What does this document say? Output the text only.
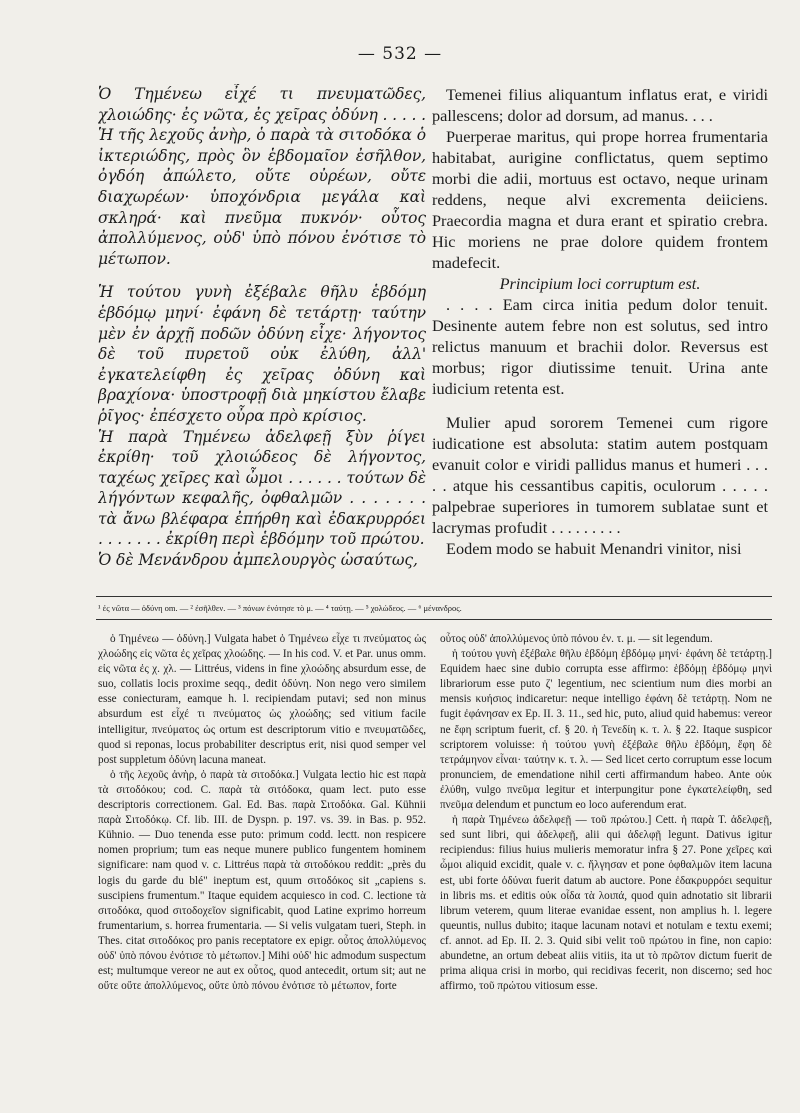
— 532 —

Ὁ Τημένεω εἶχέ τι πνευματῶδες, χλοιώδης· ἐς νῶτα, ἐς χεῖρας ὀδύνη . . . . . Ἡ τῆς λεχοῦς ἀνὴρ, ὁ παρὰ τὰ σιτοδόκα ὁ ἰκτεριώδης, πρὸς ὃν ἑβδομαῖον ἐσῆλθον, ὀγδόη ἀπώλετο, οὔτε οὐρέων, οὔτε διαχωρέων· ὑποχόνδρια μεγάλα καὶ σκληρά· καὶ πνεῦμα πυκνόν· οὗτος ἀπολλύμενος, οὐδ' ὑπὸ πόνου ἐνότισε τὸ μέτωπον.

Ἡ τούτου γυνὴ ἐξέβαλε θῆλυ ἑβδόμη ἑβδόμῳ μηνί· ἐφάνη δὲ τετάρτῃ· ταύτην μὲν ἐν ἀρχῇ ποδῶν ὀδύνη εἶχε· λήγοντος δὲ τοῦ πυρετοῦ οὐκ ἐλύθη, ἀλλ' ἐγκατελείφθη ἐς χεῖρας ὀδύνη καὶ βραχίονα· ὑποστροφῇ διὰ μηκίστου ἔλαβε ῥῖγος· ἐπέσχετο οὖρα πρὸ κρίσιος.

Ἡ παρὰ Τημένεω ἀδελφεῇ ξὺν ῥίγει ἐκρίθη· τοῦ χλοιώδεος δὲ λήγοντος, ταχέως χεῖρες καὶ ὦμοι . . . . . . τούτων δὲ λήγόντων κεφαλῆς, ὀφθαλμῶν . . . . . . . τὰ ἄνω βλέφαρα ἐπήρθη καὶ ἐδακρυρρόει . . . . . . . ἐκρίθη περὶ ἑβδόμην τοῦ πρώτου.

Ὁ δὲ Μενάνδρου ἀμπελουργὸς ὡσαύτως,

Temenei filius aliquantum inflatus erat, e viridi pallescens; dolor ad dorsum, ad manus. . . .

Puerperae maritus, qui prope horrea frumentaria habitabat, aurigine conflictatus, quem septimo morbi die adii, mortuus est octavo, neque urinam reddens, neque alvi excrementa deiiciens. Praecordia magna et dura erant et spiratio crebra. Hic moriens ne prae dolore quidem frontem madefecit.

Principium loci corruptum est.

. . . . Eam circa initia pedum dolor tenuit. Desinente autem febre non est solutus, sed intro relictus manuum et brachii dolor. Reversus est morbus; rigor diutissime tenuit. Urina ante iudicium retenta est.

Mulier apud sororem Temenei cum rigore iudicatione est absoluta: statim autem postquam evanuit color e viridi pallidus manus et humeri . . . . . atque his cessantibus capitis, oculorum . . . . . palpebrae superiores in tumorem sublatae sunt et lacrymas profudit . . . . . . . . .

Eodem modo se habuit Menandri vinitor, nisi

¹ ἐς νῶτα — ὀδύνη om. — ² ἐσῆλθεν. — ³ πόνων ἐνότησε τὸ μ. — ⁴ ταύτῃ. — ⁵ χολώδεος. — ⁶ μένανδρος.

ὁ Τημένεω — ὀδύνη.] Vulgata habet ὁ Τημένεω εἶχε τι πνεύματος ὡς χλοώδης εἰς νῶτα ἐς χεῖρας χλοώδης. — In his cod. V. et Par. unus omm. εἰς νῶτα ἐς χ. χλ. — Littréus, videns in fine χλοώδης absurdum esse, de suo, collatis locis proxime seqq., dedit ὀδύνη. Non nego vero similem esse coniecturam, eamque h. l. recipiendam putavi; sed non minus absurdum est εἶχέ τι πνεύματος ὡς χλοώδης; sed vitium facile intelligitur, πνεύματος ὡς ortum est descriptorum vitio e πνευματῶδες, quod si reponas, locus probabiliter descriptus erit, nisi quod semper vel post suppletum ὀδύνη lacuna maneat.

ὁ τῆς λεχοῦς ἀνὴρ, ὁ παρὰ τὰ σιτοδόκα.] Vulgata lectio hic est παρὰ τὰ σιτοδόκου; cod. C. παρὰ τὰ σιτόδοκα, quam lect. puto esse descriptoris correctionem. Gal. Ed. Bas. παρὰ Σιτοδόκα. Gal. Kühnii παρὰ Σιτοδόκῳ. Cf. lib. III. de Dyspn. p. 197. vs. 39. in Bas. p. 952. Kühnio. — Duo tenenda esse puto: primum codd. lectt. non respicere nomen proprium; tum eas neque munere publico fungentem hominem significare: nam quod v. c. Littréus παρὰ τὰ σιτοδόκου reddit: „près du logis du garde du blé" ineptum est, quum σιτοδόκος sit „capiens s. suscipiens frumentum." Itaque equidem acquiesco in cod. C. lectione τὰ σιτοδόκα, quod σιτοδοχεῖον significabit, quod Latine exprimo horreum frumentarium, s. horrea frumentaria. — Si velis vulgatam tueri, Steph. in Thes. citat σιτοδόκος pro panis receptatore ex epigr. οὗτος ἀπολλύμενος οὐδ' ὑπὸ πόνου ἐνότισε τὸ μέτωπον.] Mihi οὐδ' hic admodum suspectum est; multumque vereor ne aut ex οὗτος, quod antecedit, ortum sit; aut ne οὔτε οὔτε ἀπολλύμενος, οὔτε ὑπὸ πόνου ἐνότισε τὸ μέτωπον, forte

οὗτος οὐδ' ἀπολλύμενος ὑπὸ πόνου ἐν. τ. μ. — sit legendum.

ἡ τούτου γυνὴ ἐξέβαλε θῆλυ ἑβδόμη ἑβδόμῳ μηνί· ἐφάνη δὲ τετάρτῃ.] Equidem haec sine dubio corrupta esse affirmo: ἑβδόμῃ ἑβδόμῳ μηνὶ librariorum esse puto ζ' legentium, nec scientium num dies morbi an mensis κυήσιος indicaretur: neque intelligo ἐφάνη δὲ τετάρτῃ. Nom ne fugit ἐφάνησαν ex Ep. II. 3. 11., sed hic, puto, aliud quid habemus: vereor ne ἔφη scriptum fuerit, cf. § 20. ἡ Τενεδίη κ. τ. λ. § 22. Itaque suspicor scriptorem voluisse: ἡ τούτου γυνὴ ἐξέβαλε θῆλυ ἑβδόμη, ἔφη δὲ τετράμηνον εἶναι· ταύτην κ. τ. λ. — Sed licet certo corruptum esse locum pronunciem, de emendatione nihil certi affirmandum habeo. Ante οὐκ ἐλύθη, vulgo πνεῦμα legitur et interpungitur pone ἐγκατελείφθη, sed πνεῦμα delendum et punctum eo loco auferendum erat.

ἡ παρὰ Τημένεω ἀδελφεῇ — τοῦ πρώτου.] Cett. ἡ παρὰ Τ. ἀδελφεῇ, sed sunt libri, qui ἀδελφεῇ, alii qui ἀδελφῇ legunt. Dativus igitur recipiendus: filius huius mulieris memoratur infra § 27. Pone χεῖρες καὶ ὦμοι aliquid excidit, quale v. c. ἤλγησαν et pone ὀφθαλμῶν item lacuna est, ubi forte ὀδύναι fuerit datum ab auctore. Pone ἐδακρυρρόει sequitur in libris ms. et editis οὐκ οἶδα τὰ λοιπά, quod quin adnotatio sit librarii librum veterem, quum literae evanidae essent, non amplius h. l. legere queuntis, nullus dubito; itaque lacunam notavi et notulam e textu exemi; cf. annot. ad Ep. II. 2. 3. Quid sibi velit τοῦ πρώτου in fine, non capio: abundetne, an ortum debeat aliis vitiis, ita ut τὸ πρῶτον dictum fuerit de prima aliqua crisi in morbo, qui recidivas fecerit, non discerno; sed hoc affirmo, τοῦ πρώτου vitiosum esse.
